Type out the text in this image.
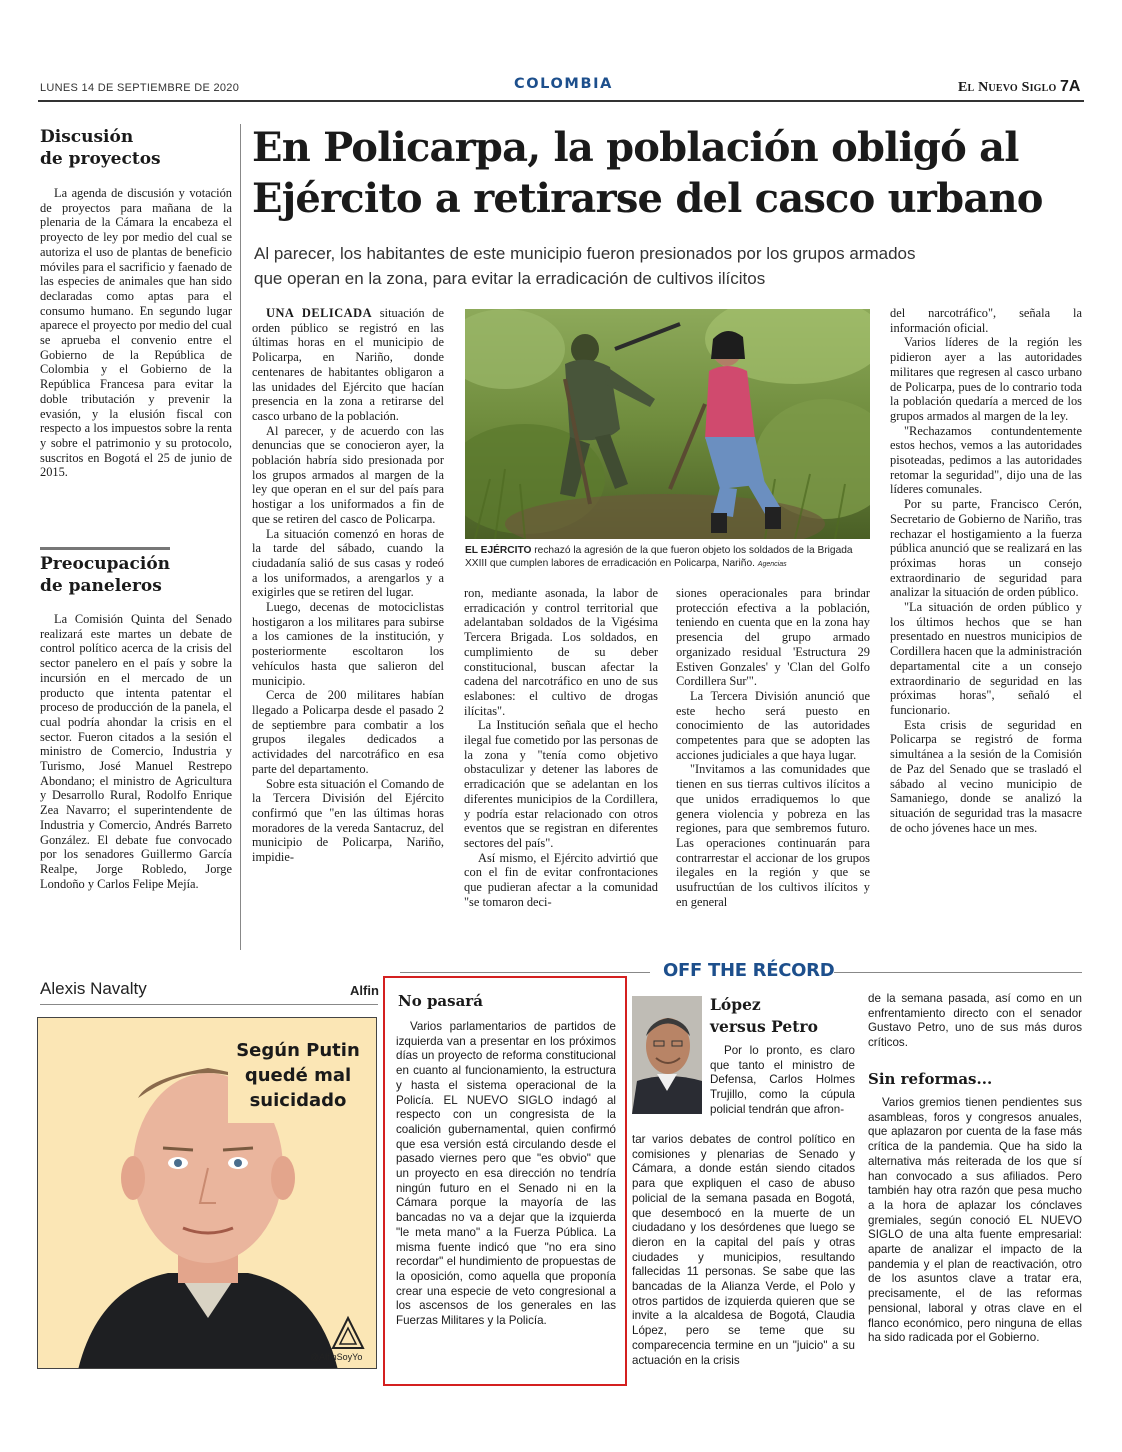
LUNES 14 DE SEPTIEMBRE DE 2020	COLOMBIA	El Nuevo Siglo 7A
Discusión
de proyectos

La agenda de discusión y votación de proyectos para mañana de la plenaria de la Cámara la encabeza el proyecto de ley por medio del cual se autoriza el uso de plantas de beneficio móviles para el sacrificio y faenado de las especies de animales que han sido declaradas como aptas para el consumo humano. En segundo lugar aparece el proyecto por medio del cual se aprueba el convenio entre el Gobierno de la República de Colombia y el Gobierno de la República Francesa para evitar la doble tributación y prevenir la evasión, y la elusión fiscal con respecto a los impuestos sobre la renta y sobre el patrimonio y su protocolo, suscritos en Bogotá el 25 de junio de 2015.

Preocupación
de paneleros

La Comisión Quinta del Senado realizará este martes un debate de control político acerca de la crisis del sector panelero en el país y sobre la incursión en el mercado de un producto que intenta patentar el proceso de producción de la panela, el cual podría ahondar la crisis en el sector. Fueron citados a la sesión el ministro de Comercio, Industria y Turismo, José Manuel Restrepo Abondano; el ministro de Agricultura y Desarrollo Rural, Rodolfo Enrique Zea Navarro; el superintendente de Industria y Comercio, Andrés Barreto González. El debate fue convocado por los senadores Guillermo García Realpe, Jorge Robledo, Jorge Londoño y Carlos Felipe Mejía.

En Policarpa, la población obligó al
Ejército a retirarse del casco urbano
Al parecer, los habitantes de este municipio fueron presionados por los grupos armados
que operan en la zona, para evitar la erradicación de cultivos ilícitos

UNA DELICADA situación de orden público se registró en las últimas horas en el municipio de Policarpa, en Nariño, donde centenares de habitantes obligaron a las unidades del Ejército que hacían presencia en la zona a retirarse del casco urbano de la población.

Al parecer, y de acuerdo con las denuncias que se conocieron ayer, la población habría sido presionada por los grupos armados al margen de la ley que operan en el sur del país para hostigar a los uniformados a fin de que se retiren del casco de Policarpa.

La situación comenzó en horas de la tarde del sábado, cuando la ciudadanía salió de sus casas y rodeó a los uniformados, a arengarlos y a exigirles que se retiren del lugar.

Luego, decenas de motociclistas hostigaron a los militares para subirse a los camiones de la institución, y posteriormente escoltaron los vehículos hasta que salieron del municipio.

Cerca de 200 militares habían llegado a Policarpa desde el pasado 2 de septiembre para combatir a los grupos ilegales dedicados a actividades del narcotráfico en esa parte del departamento.

Sobre esta situación el Comando de la Tercera División del Ejército confirmó que "en las últimas horas moradores de la vereda Santacruz, del municipio de Policarpa, Nariño, impidie-

EL EJÉRCITO rechazó la agresión de la que fueron objeto los soldados de la Brigada XXIII que cumplen labores de erradicación en Policarpa, Nariño. Agencias

ron, mediante asonada, la labor de erradicación y control territorial que adelantaban soldados de la Vigésima Tercera Brigada. Los soldados, en cumplimiento de su deber constitucional, buscan afectar la cadena del narcotráfico en uno de sus eslabones: el cultivo de drogas ilícitas".

La Institución señala que el hecho ilegal fue cometido por las personas de la zona y "tenía como objetivo obstaculizar y detener las labores de erradicación que se adelantan en los diferentes municipios de la Cordillera, y podría estar relacionado con otros eventos que se registran en diferentes sectores del país".

Así mismo, el Ejército advirtió que con el fin de evitar confrontaciones que pudieran afectar a la comunidad "se tomaron deci-

siones operacionales para brindar protección efectiva a la población, teniendo en cuenta que en la zona hay presencia del grupo armado organizado residual 'Estructura 29 Estiven Gonzales' y 'Clan del Golfo Cordillera Sur'".

La Tercera División anunció que este hecho será puesto en conocimiento de las autoridades competentes para que se adopten las acciones judiciales a que haya lugar.

"Invitamos a las comunidades que tienen en sus tierras cultivos ilícitos a que unidos erradiquemos lo que genera violencia y pobreza en las regiones, para que sembremos futuro. Las operaciones continuarán para contrarrestar el accionar de los grupos ilegales en la región y que se usufructúan de los cultivos ilícitos y en general

del narcotráfico", señala la información oficial.

Varios líderes de la región les pidieron ayer a las autoridades militares que regresen al casco urbano de Policarpa, pues de lo contrario toda la población quedaría a merced de los grupos armados al margen de la ley.

"Rechazamos contundentemente estos hechos, vemos a las autoridades pisoteadas, pedimos a las autoridades retomar la seguridad", dijo una de las líderes comunales.

Por su parte, Francisco Cerón, Secretario de Gobierno de Nariño, tras rechazar el hostigamiento a la fuerza pública anunció que se realizará en las próximas horas un consejo extraordinario de seguridad para analizar la situación de orden público.

"La situación de orden público y los últimos hechos que se han presentado en nuestros municipios de Cordillera hacen que la administración departamental cite a un consejo extraordinario de seguridad en las próximas horas", señaló el funcionario.

Esta crisis de seguridad en Policarpa se registró de forma simultánea a la sesión de la Comisión de Paz del Senado que se trasladó el sábado al vecino municipio de Samaniego, donde se analizó la situación de seguridad tras la masacre de ocho jóvenes hace un mes.

Alexis Navalty	Alfin
Según Putin quedé mal suicidado
@AlfinSoyYo
OFF THE RÉCORD
No pasará

Varios parlamentarios de partidos de izquierda van a presentar en los próximos días un proyecto de reforma constitucional en cuanto al funcionamiento, la estructura y hasta el sistema operacional de la Policía. EL NUEVO SIGLO indagó al respecto con un congresista de la coalición gubernamental, quien confirmó que esa versión está circulando desde el pasado viernes pero que "es obvio" que un proyecto en esa dirección no tendría ningún futuro en el Senado ni en la Cámara porque la mayoría de las bancadas no va a dejar que la izquierda "le meta mano" a la Fuerza Pública. La misma fuente indicó que "no era sino recordar" el hundimiento de propuestas de la oposición, como aquella que proponía crear una especie de veto congresional a los ascensos de los generales en las Fuerzas Militares y la Policía.

López
versus Petro

Por lo pronto, es claro que tanto el ministro de Defensa, Carlos Holmes Trujillo, como la cúpula policial tendrán que afron-

tar varios debates de control político en comisiones y plenarias de Senado y Cámara, a donde están siendo citados para que expliquen el caso de abuso policial de la semana pasada en Bogotá, que desembocó en la muerte de un ciudadano y los desórdenes que luego se dieron en la capital del país y otras ciudades y municipios, resultando fallecidas 11 personas. Se sabe que las bancadas de la Alianza Verde, el Polo y otros partidos de izquierda quieren que se invite a la alcaldesa de Bogotá, Claudia López, pero se teme que su comparecencia termine en un "juicio" a su actuación en la crisis

de la semana pasada, así como en un enfrentamiento directo con el senador Gustavo Petro, uno de sus más duros críticos.

Sin reformas...

Varios gremios tienen pendientes sus asambleas, foros y congresos anuales, que aplazaron por cuenta de la fase más crítica de la pandemia. Que ha sido la alternativa más reiterada de los que sí han convocado a sus afiliados. Pero también hay otra razón que pesa mucho a la hora de aplazar los cónclaves gremiales, según conoció EL NUEVO SIGLO de una alta fuente empresarial: aparte de analizar el impacto de la pandemia y el plan de reactivación, otro de los asuntos clave a tratar era, precisamente, el de las reformas pensional, laboral y otras clave en el flanco económico, pero ninguna de ellas ha sido radicada por el Gobierno.
